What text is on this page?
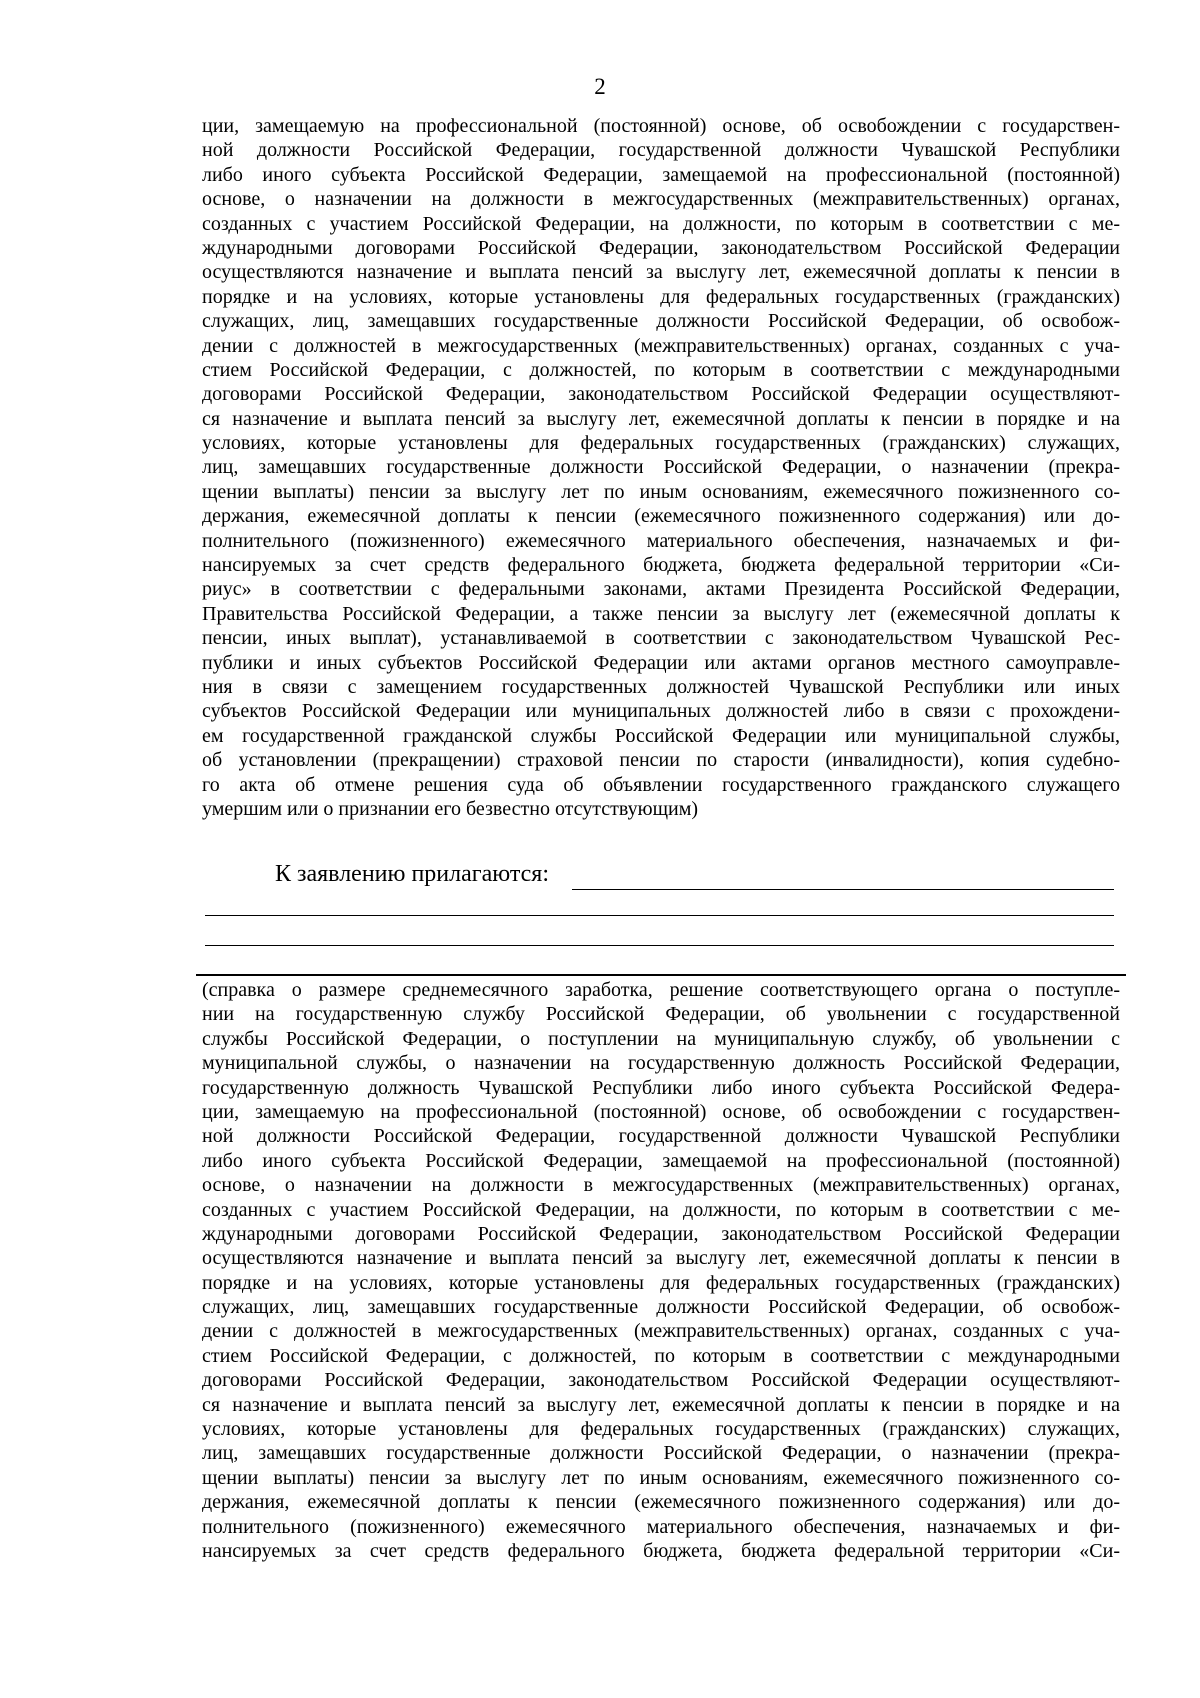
2
ции, замещаемую на профессиональной (постоянной) основе, об освобождении с государствен-
ной должности Российской Федерации, государственной должности Чувашской Республики
либо иного субъекта Российской Федерации, замещаемой на профессиональной (постоянной)
основе, о назначении на должности в межгосударственных (межправительственных) органах,
созданных с участием Российской Федерации, на должности, по которым в соответствии с ме-
ждународными договорами Российской Федерации, законодательством Российской Федерации
осуществляются назначение и выплата пенсий за выслугу лет, ежемесячной доплаты к пенсии в
порядке и на условиях, которые установлены для федеральных государственных (гражданских)
служащих, лиц, замещавших государственные должности Российской Федерации, об освобож-
дении с должностей в межгосударственных (межправительственных) органах, созданных с уча-
стием Российской Федерации, с должностей, по которым в соответствии с международными
договорами Российской Федерации, законодательством Российской Федерации осуществляют-
ся назначение и выплата пенсий за выслугу лет, ежемесячной доплаты к пенсии в порядке и на
условиях, которые установлены для федеральных государственных (гражданских) служащих,
лиц, замещавших государственные должности Российской Федерации, о назначении (прекра-
щении выплаты) пенсии за выслугу лет по иным основаниям, ежемесячного пожизненного со-
держания, ежемесячной доплаты к пенсии (ежемесячного пожизненного содержания) или до-
полнительного (пожизненного) ежемесячного материального обеспечения, назначаемых и фи-
нансируемых за счет средств федерального бюджета, бюджета федеральной территории «Си-
риус» в соответствии с федеральными законами, актами Президента Российской Федерации,
Правительства Российской Федерации, а также пенсии за выслугу лет (ежемесячной доплаты к
пенсии, иных выплат), устанавливаемой в соответствии с законодательством Чувашской Рес-
публики и иных субъектов Российской Федерации или актами органов местного самоуправле-
ния в связи с замещением государственных должностей Чувашской Республики или иных
субъектов Российской Федерации или муниципальных должностей либо в связи с прохождени-
ем государственной гражданской службы Российской Федерации или муниципальной службы,
об установлении (прекращении) страховой пенсии по старости (инвалидности), копия судебно-
го акта об отмене решения суда об объявлении государственного гражданского служащего
умершим или о признании его безвестно отсутствующим)
К заявлению прилагаются:
(справка о размере среднемесячного заработка, решение соответствующего органа о поступле-
нии на государственную службу Российской Федерации, об увольнении с государственной
службы Российской Федерации, о поступлении на муниципальную службу, об увольнении с
муниципальной службы, о назначении на государственную должность Российской Федерации,
государственную должность Чувашской Республики либо иного субъекта Российской Федера-
ции, замещаемую на профессиональной (постоянной) основе, об освобождении с государствен-
ной должности Российской Федерации, государственной должности Чувашской Республики
либо иного субъекта Российской Федерации, замещаемой на профессиональной (постоянной)
основе, о назначении на должности в межгосударственных (межправительственных) органах,
созданных с участием Российской Федерации, на должности, по которым в соответствии с ме-
ждународными договорами Российской Федерации, законодательством Российской Федерации
осуществляются назначение и выплата пенсий за выслугу лет, ежемесячной доплаты к пенсии в
порядке и на условиях, которые установлены для федеральных государственных (гражданских)
служащих, лиц, замещавших государственные должности Российской Федерации, об освобож-
дении с должностей в межгосударственных (межправительственных) органах, созданных с уча-
стием Российской Федерации, с должностей, по которым в соответствии с международными
договорами Российской Федерации, законодательством Российской Федерации осуществляют-
ся назначение и выплата пенсий за выслугу лет, ежемесячной доплаты к пенсии в порядке и на
условиях, которые установлены для федеральных государственных (гражданских) служащих,
лиц, замещавших государственные должности Российской Федерации, о назначении (прекра-
щении выплаты) пенсии за выслугу лет по иным основаниям, ежемесячного пожизненного со-
держания, ежемесячной доплаты к пенсии (ежемесячного пожизненного содержания) или до-
полнительного (пожизненного) ежемесячного материального обеспечения, назначаемых и фи-
нансируемых за счет средств федерального бюджета, бюджета федеральной территории «Си-
